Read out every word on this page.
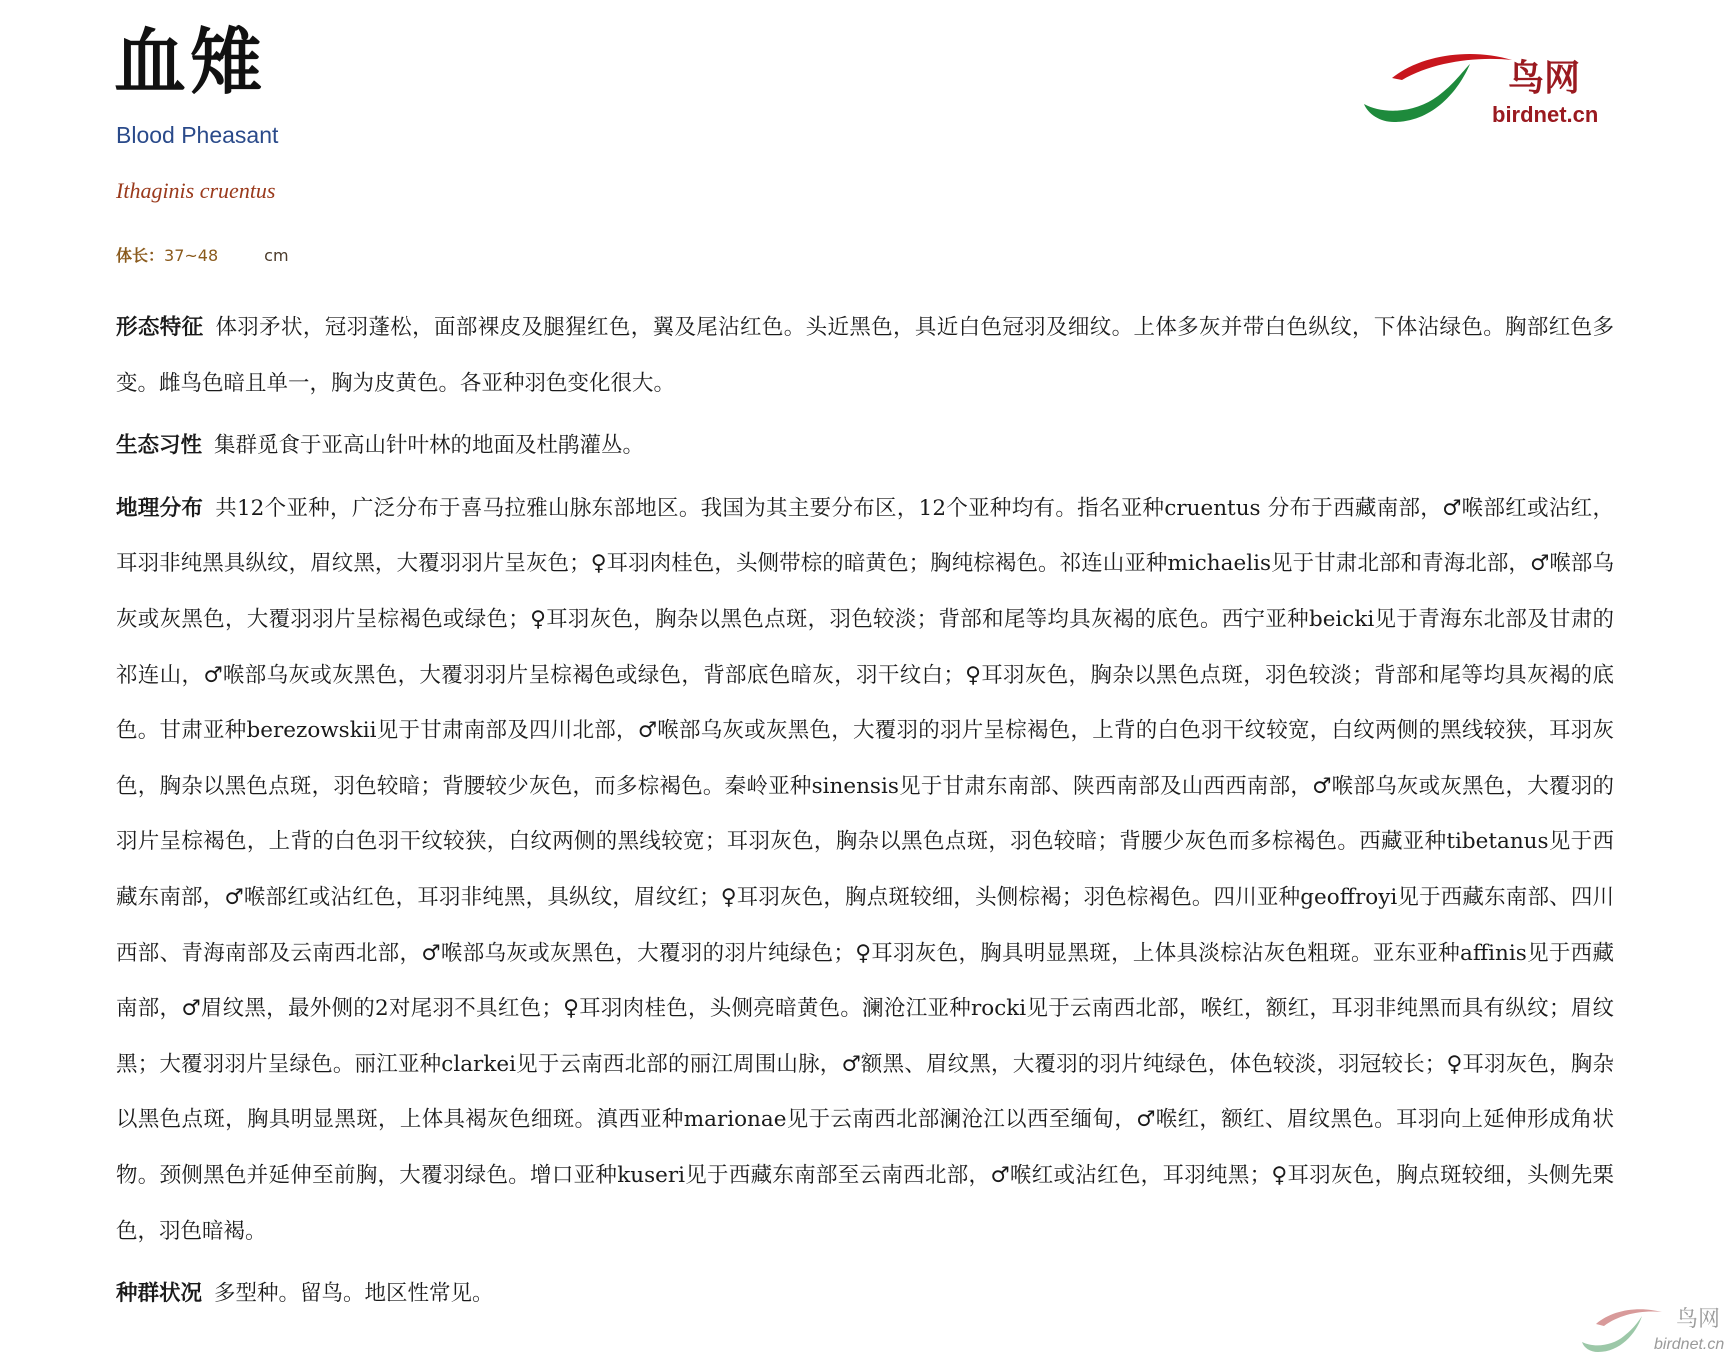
血雉
Blood Pheasant
Ithaginis cruentus
体长：37~48	cm
鸟网
birdnet.cn

形态特征 体羽矛状，冠羽蓬松，面部裸皮及腿猩红色，翼及尾沾红色。头近黑色，具近白色冠羽及细纹。上体多灰并带白色纵纹，下体沾绿色。胸部红色多变。雌鸟色暗且单一，胸为皮黄色。各亚种羽色变化很大。

生态习性 集群觅食于亚高山针叶林的地面及杜鹃灌丛。

地理分布 共12个亚种，广泛分布于喜马拉雅山脉东部地区。我国为其主要分布区，12个亚种均有。指名亚种cruentus 分布于西藏南部，♂喉部红或沾红，耳羽非纯黑具纵纹，眉纹黑，大覆羽羽片呈灰色；♀耳羽肉桂色，头侧带棕的暗黄色；胸纯棕褐色。祁连山亚种michaelis见于甘肃北部和青海北部，♂喉部乌灰或灰黑色，大覆羽羽片呈棕褐色或绿色；♀耳羽灰色，胸杂以黑色点斑，羽色较淡；背部和尾等均具灰褐的底色。西宁亚种beicki见于青海东北部及甘肃的祁连山，♂喉部乌灰或灰黑色，大覆羽羽片呈棕褐色或绿色，背部底色暗灰，羽干纹白；♀耳羽灰色，胸杂以黑色点斑，羽色较淡；背部和尾等均具灰褐的底色。甘肃亚种berezowskii见于甘肃南部及四川北部，♂喉部乌灰或灰黑色，大覆羽的羽片呈棕褐色，上背的白色羽干纹较宽，白纹两侧的黑线较狭，耳羽灰色，胸杂以黑色点斑，羽色较暗；背腰较少灰色，而多棕褐色。秦岭亚种sinensis见于甘肃东南部、陕西南部及山西西南部，♂喉部乌灰或灰黑色，大覆羽的羽片呈棕褐色，上背的白色羽干纹较狭，白纹两侧的黑线较宽；耳羽灰色，胸杂以黑色点斑，羽色较暗；背腰少灰色而多棕褐色。西藏亚种tibetanus见于西藏东南部，♂喉部红或沾红色，耳羽非纯黑，具纵纹，眉纹红；♀耳羽灰色，胸点斑较细，头侧棕褐；羽色棕褐色。四川亚种geoffroyi见于西藏东南部、四川西部、青海南部及云南西北部，♂喉部乌灰或灰黑色，大覆羽的羽片纯绿色；♀耳羽灰色，胸具明显黑斑，上体具淡棕沾灰色粗斑。亚东亚种affinis见于西藏南部，♂眉纹黑，最外侧的2对尾羽不具红色；♀耳羽肉桂色，头侧亮暗黄色。澜沧江亚种rocki见于云南西北部，喉红，额红，耳羽非纯黑而具有纵纹；眉纹黑；大覆羽羽片呈绿色。丽江亚种clarkei见于云南西北部的丽江周围山脉，♂额黑、眉纹黑，大覆羽的羽片纯绿色，体色较淡，羽冠较长；♀耳羽灰色，胸杂以黑色点斑，胸具明显黑斑，上体具褐灰色细斑。滇西亚种marionae见于云南西北部澜沧江以西至缅甸，♂喉红，额红、眉纹黑色。耳羽向上延伸形成角状物。颈侧黑色并延伸至前胸，大覆羽绿色。增口亚种kuseri见于西藏东南部至云南西北部，♂喉红或沾红色，耳羽纯黑；♀耳羽灰色，胸点斑较细，头侧先栗色，羽色暗褐。

种群状况 多型种。留鸟。地区性常见。

鸟网
birdnet.cn
